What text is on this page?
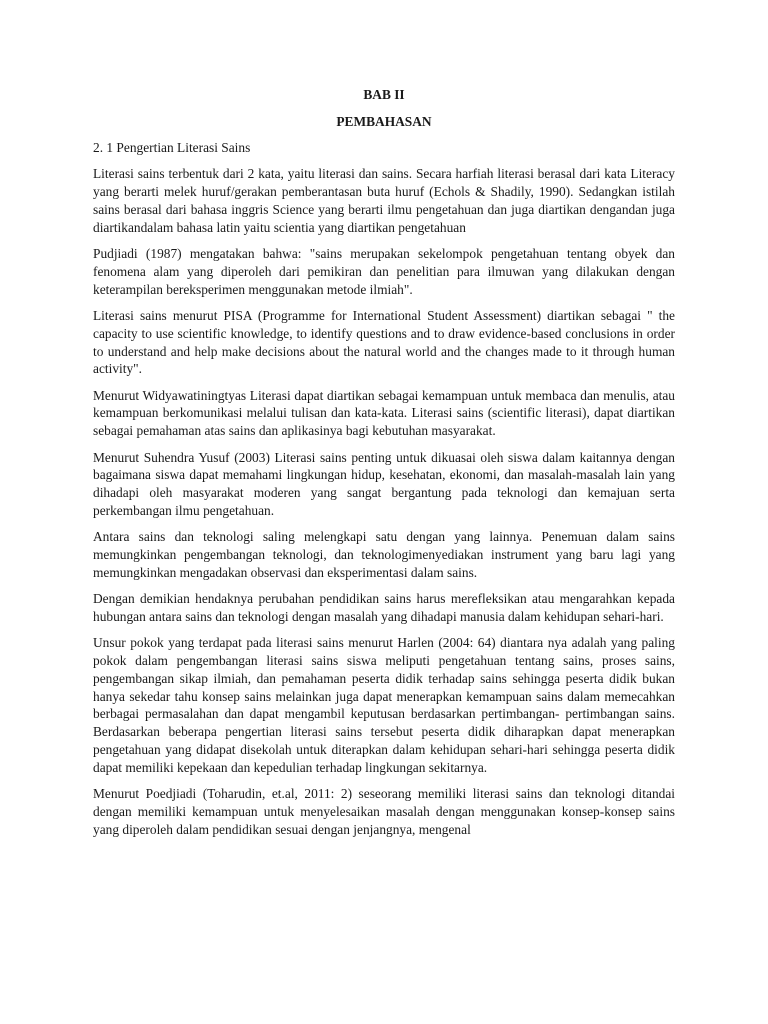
BAB II

PEMBAHASAN

2. 1 Pengertian Literasi Sains

Literasi sains terbentuk dari 2 kata, yaitu literasi dan sains. Secara harfiah literasi berasal dari kata Literacy yang berarti melek huruf/gerakan pemberantasan buta huruf (Echols & Shadily, 1990). Sedangkan istilah sains berasal dari bahasa inggris Science yang berarti ilmu pengetahuan dan juga diartikan dengandan juga diartikandalam bahasa latin yaitu scientia yang diartikan pengetahuan

Pudjiadi (1987) mengatakan bahwa: "sains merupakan sekelompok pengetahuan tentang obyek dan fenomena alam yang diperoleh dari pemikiran dan penelitian para ilmuwan yang dilakukan dengan keterampilan bereksperimen menggunakan metode ilmiah".

Literasi sains menurut PISA (Programme for International Student Assessment) diartikan sebagai " the capacity to use scientific knowledge, to identify questions and to draw evidence-based conclusions in order to understand and help make decisions about the natural world and the changes made to it through human activity".

Menurut Widyawatiningtyas Literasi dapat diartikan sebagai kemampuan untuk membaca dan menulis, atau kemampuan berkomunikasi melalui tulisan dan kata-kata. Literasi sains (scientific literasi), dapat diartikan sebagai pemahaman atas sains dan aplikasinya bagi kebutuhan masyarakat.

Menurut Suhendra Yusuf (2003) Literasi sains penting untuk dikuasai oleh siswa dalam kaitannya dengan bagaimana siswa dapat memahami lingkungan hidup, kesehatan, ekonomi, dan masalah-masalah lain yang dihadapi oleh masyarakat moderen yang sangat bergantung pada teknologi dan kemajuan serta perkembangan ilmu pengetahuan.

Antara sains dan teknologi saling melengkapi satu dengan yang lainnya. Penemuan dalam sains memungkinkan pengembangan teknologi, dan teknologimenyediakan instrument yang baru lagi yang memungkinkan mengadakan observasi dan eksperimentasi dalam sains.

Dengan demikian hendaknya perubahan pendidikan sains harus merefleksikan atau mengarahkan kepada hubungan antara sains dan teknologi dengan masalah yang dihadapi manusia dalam kehidupan sehari-hari.

Unsur pokok yang terdapat pada literasi sains menurut Harlen (2004: 64) diantara nya adalah yang paling pokok dalam pengembangan literasi sains siswa meliputi pengetahuan tentang sains, proses sains, pengembangan sikap ilmiah, dan pemahaman peserta didik terhadap sains sehingga peserta didik bukan hanya sekedar tahu konsep sains melainkan juga dapat menerapkan kemampuan sains dalam memecahkan berbagai permasalahan dan dapat mengambil keputusan berdasarkan pertimbangan- pertimbangan sains. Berdasarkan beberapa pengertian literasi sains tersebut peserta didik diharapkan dapat menerapkan pengetahuan yang didapat disekolah untuk diterapkan dalam kehidupan sehari-hari sehingga peserta didik dapat memiliki kepekaan dan kepedulian terhadap lingkungan sekitarnya.

Menurut Poedjiadi (Toharudin, et.al, 2011: 2) seseorang memiliki literasi sains dan teknologi ditandai dengan memiliki kemampuan untuk menyelesaikan masalah dengan menggunakan konsep-konsep sains yang diperoleh dalam pendidikan sesuai dengan jenjangnya, mengenal
